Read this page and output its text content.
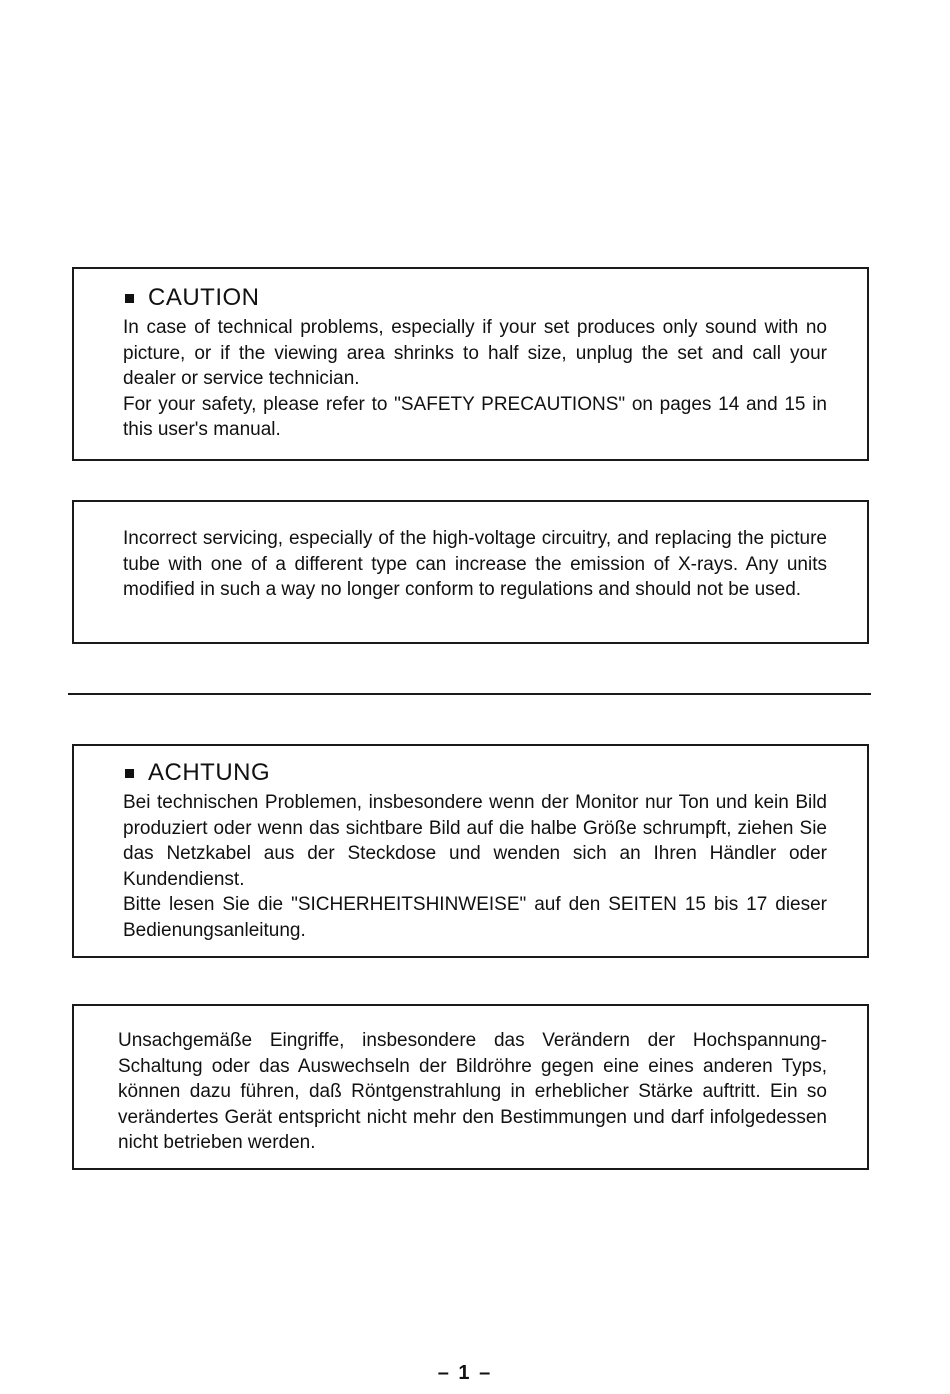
CAUTION

In case of technical problems, especially if your set produces only sound with no picture, or if the viewing area shrinks to half size, unplug the set and call your dealer or service technician.

For your safety, please refer to "SAFETY PRECAUTIONS" on pages 14 and 15 in this user's manual.

Incorrect servicing, especially of the high-voltage circuitry, and replacing the picture tube with one of a different type can increase the emission of X-rays. Any units modified in such a way no longer conform to regulations and should not be used.

ACHTUNG

Bei technischen Problemen, insbesondere wenn der Monitor nur Ton und kein Bild produziert oder wenn das sichtbare Bild auf die halbe Größe schrumpft, ziehen Sie das Netzkabel aus der Steckdose und wenden sich an Ihren Händler oder Kundendienst.

Bitte lesen Sie die "SICHERHEITSHINWEISE" auf den SEITEN 15 bis 17 dieser Bedienungsanleitung.

Unsachgemäße Eingriffe, insbesondere das Verändern der Hochspannung-Schaltung oder das Auswechseln der Bildröhre gegen eine eines anderen Typs, können dazu führen, daß Röntgenstrahlung in erheblicher Stärke auftritt. Ein so verändertes Gerät entspricht nicht mehr den Bestimmungen und darf infolgedessen nicht betrieben werden.

– 1 –
